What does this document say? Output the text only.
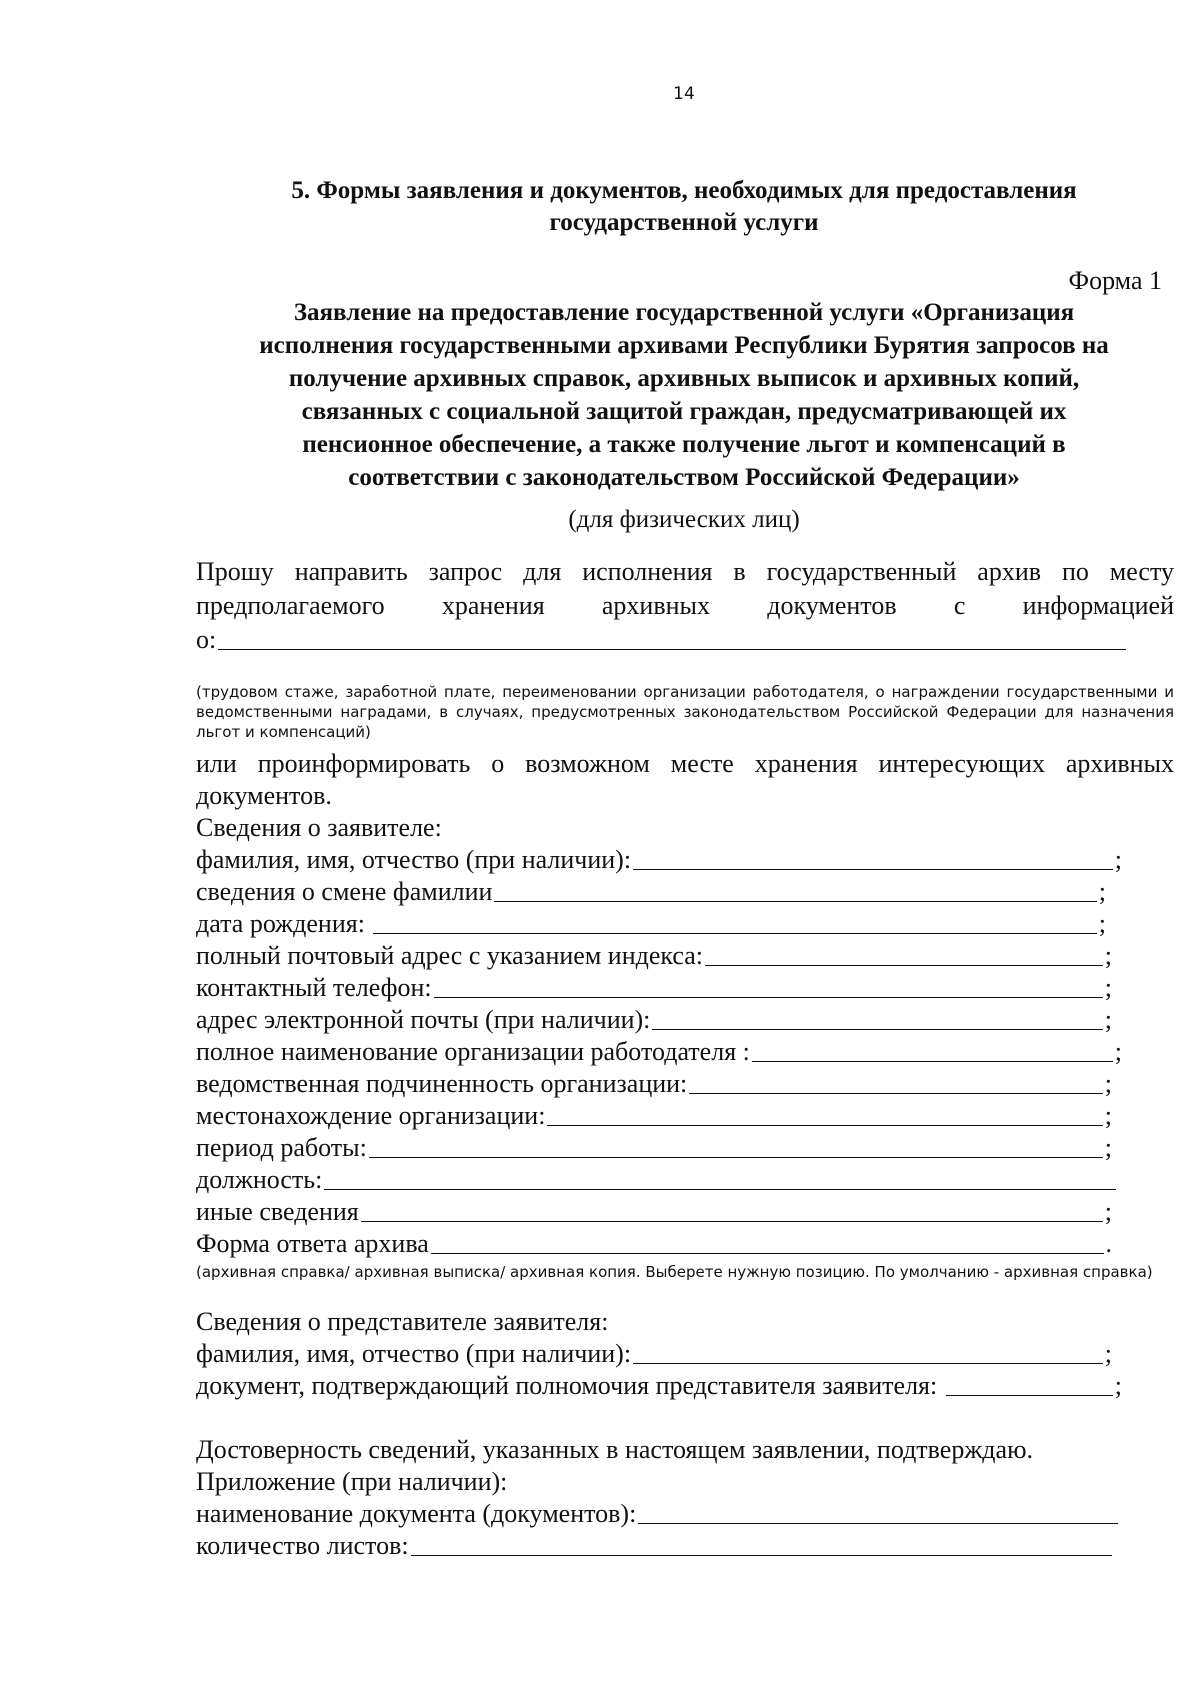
14
5. Формы заявления и документов, необходимых для предоставления
государственной услуги
Форма 1
Заявление на предоставление государственной услуги «Организация
исполнения государственными архивами Республики Бурятия запросов на
получение архивных справок, архивных выписок и архивных копий,
связанных с социальной защитой граждан, предусматривающей их
пенсионное обеспечение, а также получение льгот и компенсаций в
соответствии с законодательством Российской Федерации»
(для физических лиц)
Прошу направить запрос для исполнения в государственный архив по месту
предполагаемого хранения архивных документов с информацией
о:
(трудовом стаже, заработной плате, переименовании организации работодателя, о награждении государственными и ведомственными наградами, в случаях, предусмотренных законодательством Российской Федерации для назначения льгот и компенсаций)
или проинформировать о возможном месте хранения интересующих архивных
документов.
Сведения о заявителе:
фамилия, имя, отчество (при наличии):	;
сведения о смене фамилии	;
дата рождения:	;
полный почтовый адрес с указанием индекса:	;
контактный телефон:	;
адрес электронной почты (при наличии):	;
полное наименование организации работодателя :	;
ведомственная подчиненность организации:	;
местонахождение организации:	;
период работы:	;
должность:
иные сведения	;
Форма ответа архива	.
(архивная справка/ архивная выписка/ архивная копия. Выберете нужную позицию. По умолчанию - архивная справка)
Сведения о представителе заявителя:
фамилия, имя, отчество (при наличии):	;
документ, подтверждающий полномочия представителя заявителя:	;
Достоверность сведений, указанных в настоящем заявлении, подтверждаю.
Приложение (при наличии):
наименование документа (документов):
количество листов:
